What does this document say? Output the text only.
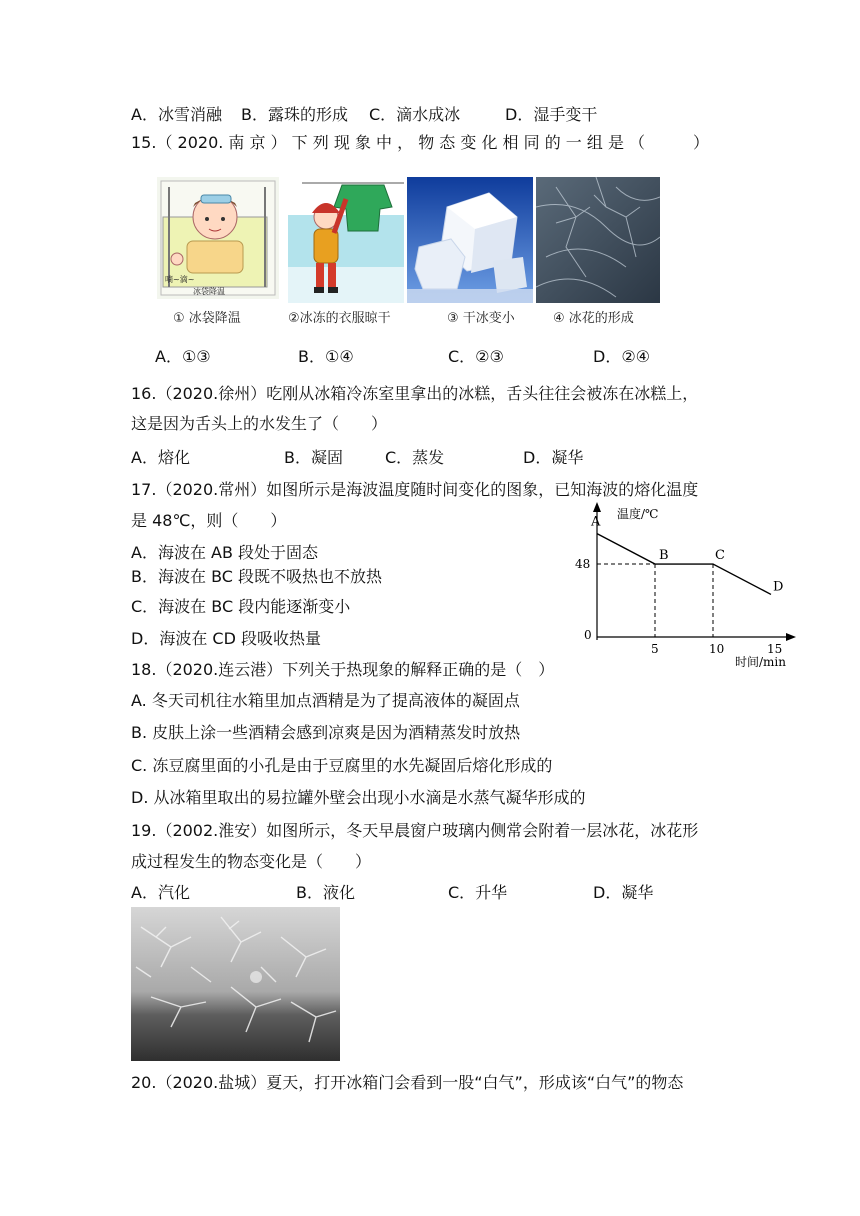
A．冰雪消融 B．露珠的形成 C．滴水成冰	D．湿手变干
15.（ 2020. 南 京 ） 下 列 现 象 中 ， 物 态 变 化 相 同 的 一 组 是 （　　　）
嘀~滴~
冰袋降温
① 冰袋降温	②冰冻的衣服晾干	③ 干冰变小	④ 冰花的形成
A．①③	B．①④	C．②③	D．②④
16.（2020.徐州）吃刚从冰箱冷冻室里拿出的冰糕，舌头往往会被冻在冰糕上，
这是因为舌头上的水发生了（　　）
A．熔化	B．凝固	C．蒸发	D．凝华
17.（2020.常州）如图所示是海波温度随时间变化的图象，已知海波的熔化温度
是 48℃，则（　　）
A．海波在 AB 段处于固态
B．海波在 BC 段既不吸热也不放热
C．海波在 BC 段内能逐渐变小
D．海波在 CD 段吸收热量
温度/℃
时间/min
0
A
B	C
D
5	10	15
48
18.（2020.连云港）下列关于热现象的解释正确的是（　）
A. 冬天司机往水箱里加点酒精是为了提高液体的凝固点
B. 皮肤上涂一些酒精会感到凉爽是因为酒精蒸发时放热
C. 冻豆腐里面的小孔是由于豆腐里的水先凝固后熔化形成的
D. 从冰箱里取出的易拉罐外壁会出现小水滴是水蒸气凝华形成的
19.（2002.淮安）如图所示，冬天早晨窗户玻璃内侧常会附着一层冰花，冰花形
成过程发生的物态变化是（　　）
A．汽化	B．液化	C．升华	D．凝华
20.（2020.盐城）夏天，打开冰箱门会看到一股“白气”，形成该“白气”的物态
